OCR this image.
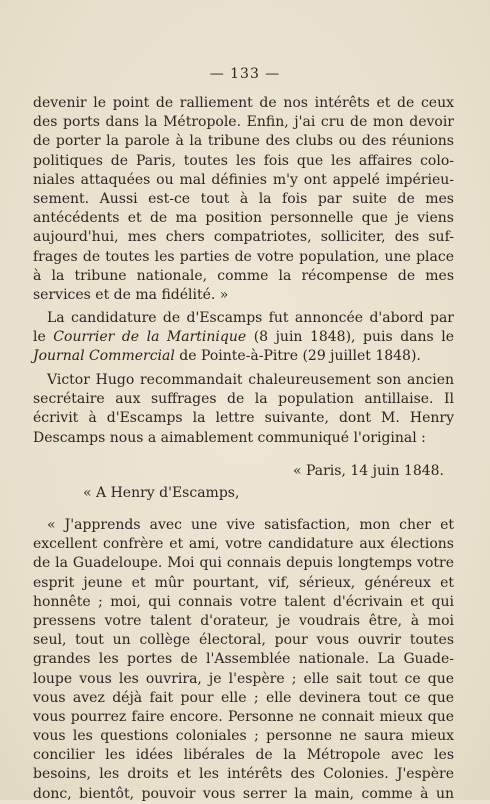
— 133 —
devenir le point de ralliement de nos intérêts et de ceux
des ports dans la Métropole. Enfin, j'ai cru de mon devoir
de porter la parole à la tribune des clubs ou des réunions
politiques de Paris, toutes les fois que les affaires colo-
niales attaquées ou mal définies m'y ont appelé impérieu-
sement. Aussi est-ce tout à la fois par suite de mes
antécédents et de ma position personnelle que je viens
aujourd'hui, mes chers compatriotes, solliciter, des suf-
frages de toutes les parties de votre population, une place
à la tribune nationale, comme la récompense de mes
services et de ma fidélité. »
La candidature de d'Escamps fut annoncée d'abord par
le Courrier de la Martinique (8 juin 1848), puis dans le
Journal Commercial de Pointe-à-Pitre (29 juillet 1848).
Victor Hugo recommandait chaleureusement son ancien
secrétaire aux suffrages de la population antillaise. Il
écrivit à d'Escamps la lettre suivante, dont M. Henry
Descamps nous a aimablement communiqué l'original :
« Paris, 14 juin 1848.
« A Henry d'Escamps,
« J'apprends avec une vive satisfaction, mon cher et
excellent confrère et ami, votre candidature aux élections
de la Guadeloupe. Moi qui connais depuis longtemps votre
esprit jeune et mûr pourtant, vif, sérieux, généreux et
honnête ; moi, qui connais votre talent d'écrivain et qui
pressens votre talent d'orateur, je voudrais être, à moi
seul, tout un collège électoral, pour vous ouvrir toutes
grandes les portes de l'Assemblée nationale. La Guade-
loupe vous les ouvrira, je l'espère ; elle sait tout ce que
vous avez déjà fait pour elle ; elle devinera tout ce que
vous pourrez faire encore. Personne ne connait mieux que
vous les questions coloniales ; personne ne saura mieux
concilier les idées libérales de la Métropole avec les
besoins, les droits et les intérêts des Colonies. J'espère
donc, bientôt, pouvoir vous serrer la main, comme à un
